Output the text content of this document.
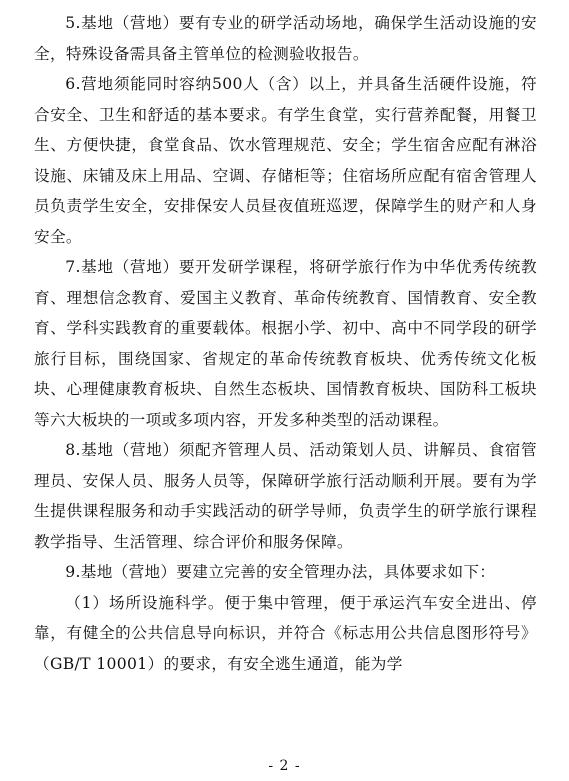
5.基地（营地）要有专业的研学活动场地，确保学生活动设施的安全，特殊设备需具备主管单位的检测验收报告。

6.营地须能同时容纳500人（含）以上，并具备生活硬件设施，符合安全、卫生和舒适的基本要求。有学生食堂，实行营养配餐，用餐卫生、方便快捷，食堂食品、饮水管理规范、安全；学生宿舍应配有淋浴设施、床铺及床上用品、空调、存储柜等；住宿场所应配有宿舍管理人员负责学生安全，安排保安人员昼夜值班巡逻，保障学生的财产和人身安全。

7.基地（营地）要开发研学课程，将研学旅行作为中华优秀传统教育、理想信念教育、爱国主义教育、革命传统教育、国情教育、安全教育、学科实践教育的重要载体。根据小学、初中、高中不同学段的研学旅行目标，围绕国家、省规定的革命传统教育板块、优秀传统文化板块、心理健康教育板块、自然生态板块、国情教育板块、国防科工板块等六大板块的一项或多项内容，开发多种类型的活动课程。

8.基地（营地）须配齐管理人员、活动策划人员、讲解员、食宿管理员、安保人员、服务人员等，保障研学旅行活动顺利开展。要有为学生提供课程服务和动手实践活动的研学导师，负责学生的研学旅行课程教学指导、生活管理、综合评价和服务保障。

9.基地（营地）要建立完善的安全管理办法，具体要求如下：

（1）场所设施科学。便于集中管理，便于承运汽车安全进出、停靠，有健全的公共信息导向标识，并符合《标志用公共信息图形符号》（GB/T 10001）的要求，有安全逃生通道，能为学

- 2 -
